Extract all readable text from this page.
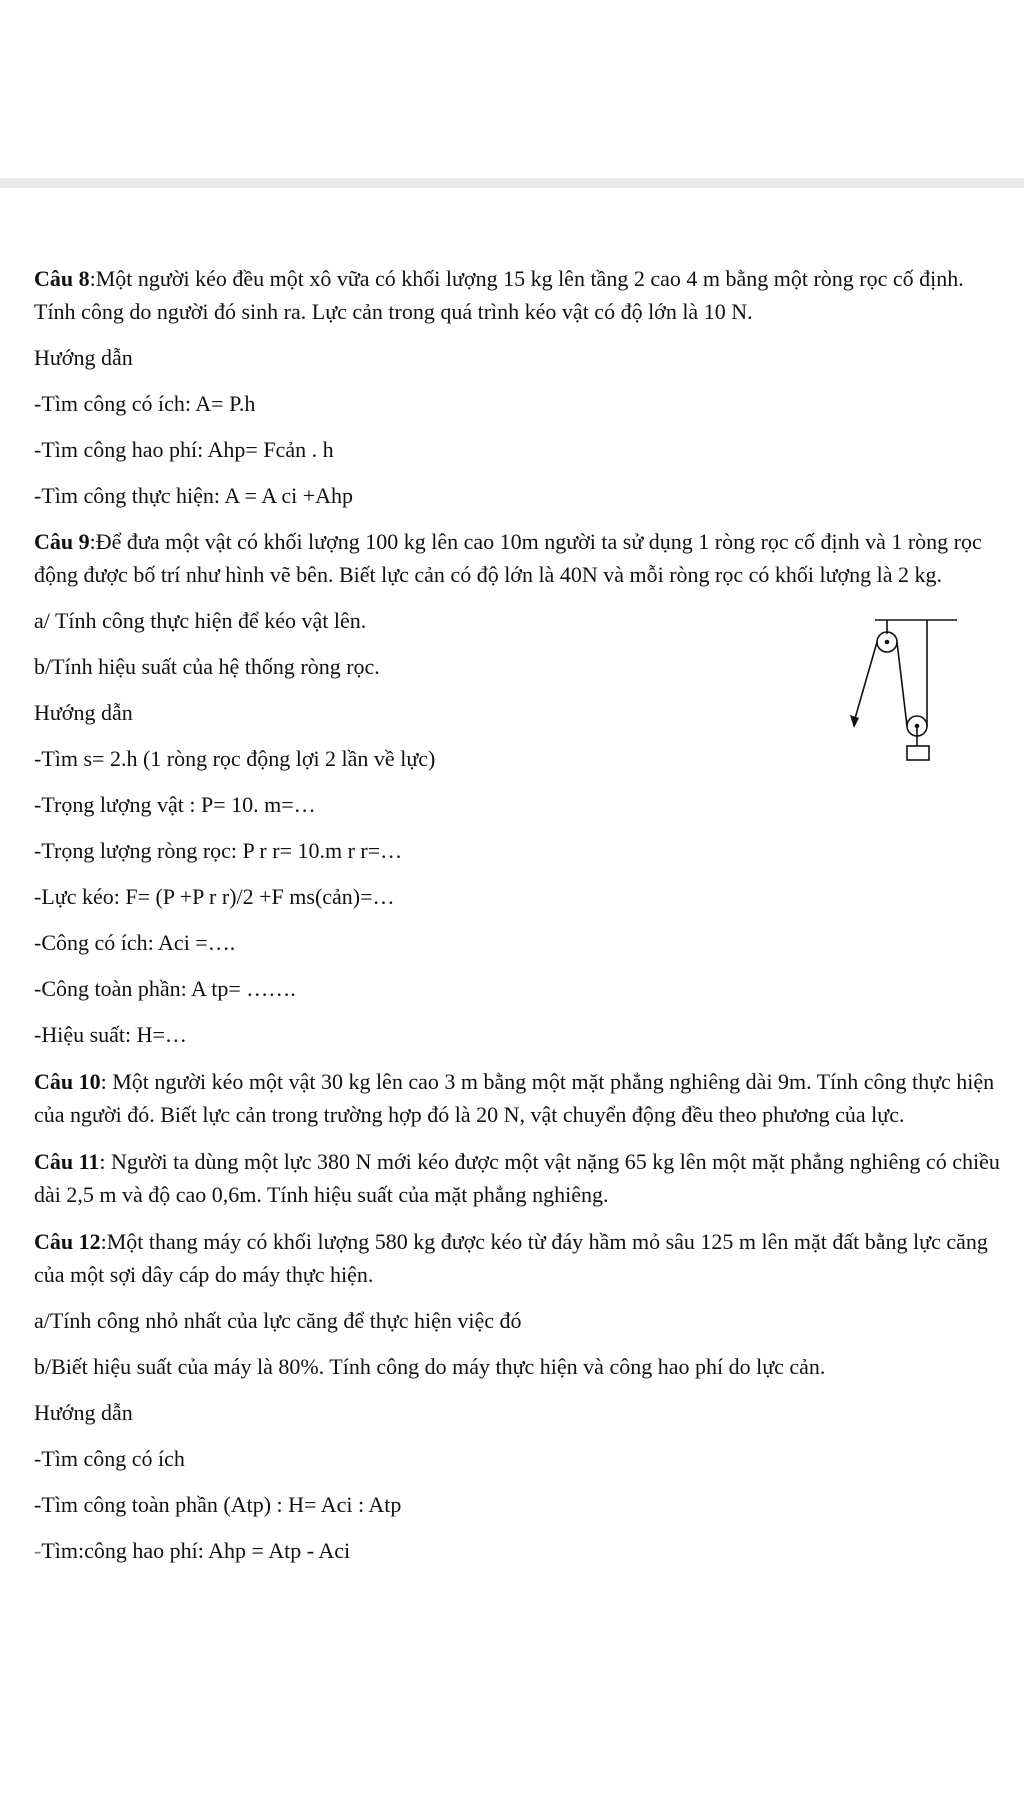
Câu 8:Một người kéo đều một xô vữa có khối lượng 15 kg lên tầng 2 cao 4 m bằng một ròng rọc cố định. Tính công do người đó sinh ra. Lực cản trong quá trình kéo vật có độ lớn là 10 N.

Hướng dẫn

-Tìm công có ích: A= P.h

-Tìm công hao phí: Ahp= Fcản . h

-Tìm công thực hiện: A = A ci +Ahp

Câu 9:Để đưa một vật có khối lượng 100 kg lên cao 10m người ta sử dụng 1 ròng rọc cố định và 1 ròng rọc động được bố trí như hình vẽ bên. Biết lực cản có độ lớn là 40N và mỗi ròng rọc có khối lượng là 2 kg.

a/ Tính công thực hiện để kéo vật lên.

b/Tính hiệu suất của hệ thống ròng rọc.

Hướng dẫn

-Tìm s= 2.h (1 ròng rọc động lợi 2 lần về lực)

-Trọng lượng vật : P= 10. m=…

-Trọng lượng ròng rọc: P r r= 10.m r r=…

-Lực kéo: F= (P +P r r)/2 +F ms(cản)=…

-Công có ích: Aci =….

-Công toàn phần: A tp= …….

-Hiệu suất: H=…

Câu 10: Một người kéo một vật 30 kg lên cao 3 m bằng một mặt phẳng nghiêng dài 9m. Tính công thực hiện của người đó. Biết lực cản trong trường hợp đó là 20 N, vật chuyển động đều theo phương của lực.

Câu 11: Người ta dùng một lực 380 N mới kéo được một vật nặng 65 kg lên một mặt phẳng nghiêng có chiều dài 2,5 m và độ cao 0,6m. Tính hiệu suất của mặt phẳng nghiêng.

Câu 12:Một thang máy có khối lượng 580 kg được kéo từ đáy hầm mỏ sâu 125 m lên mặt đất bằng lực căng của một sợi dây cáp do máy thực hiện.

a/Tính công nhỏ nhất của lực căng để thực hiện việc đó

b/Biết hiệu suất của máy là 80%. Tính công do máy thực hiện và công hao phí do lực cản.

Hướng dẫn

-Tìm công có ích

-Tìm công toàn phần (Atp) : H= Aci : Atp

-Tìm:công hao phí: Ahp = Atp - Aci
